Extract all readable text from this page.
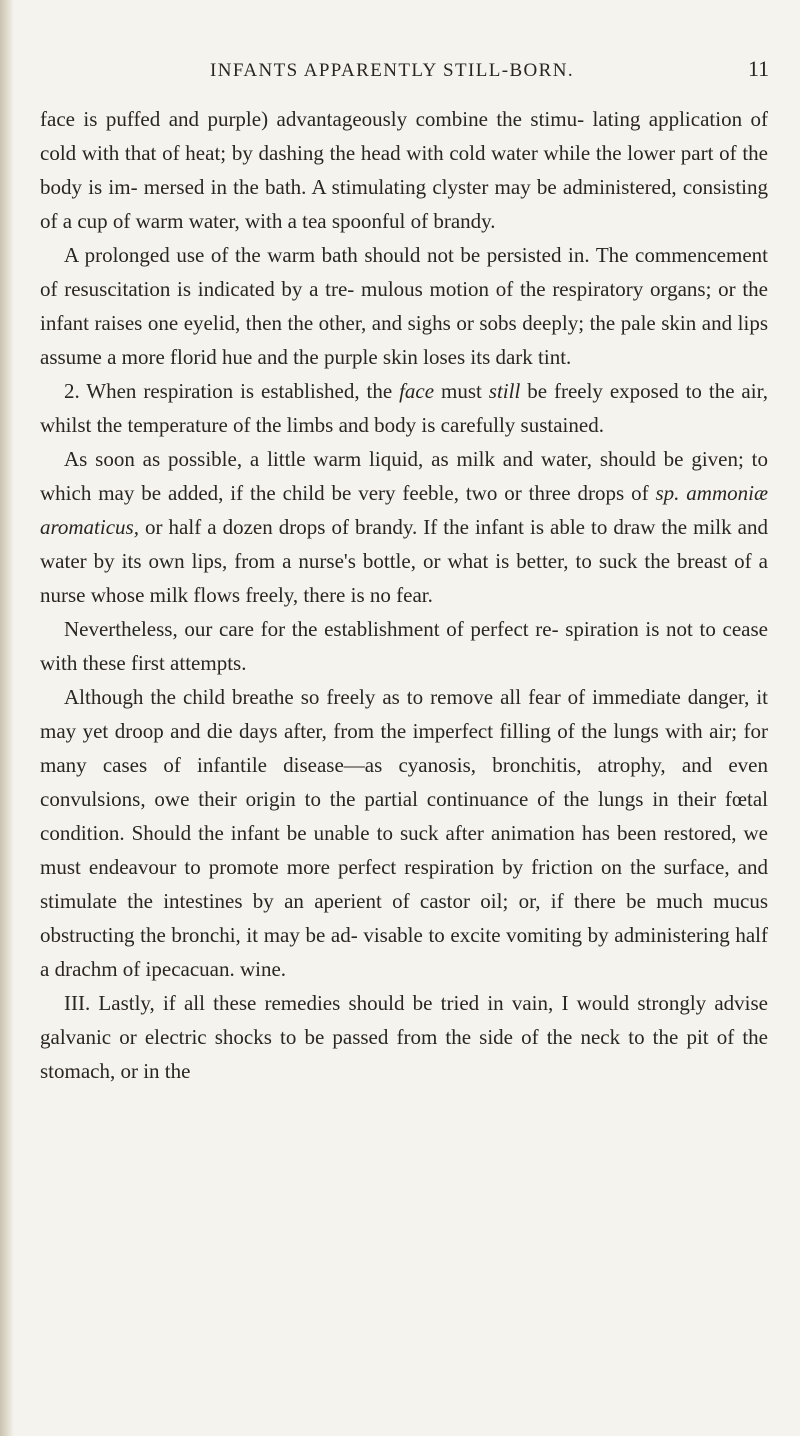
INFANTS APPARENTLY STILL-BORN.	11

face is puffed and purple) advantageously combine the stimu- lating application of cold with that of heat; by dashing the head with cold water while the lower part of the body is im- mersed in the bath. A stimulating clyster may be administered, consisting of a cup of warm water, with a tea spoonful of brandy.

A prolonged use of the warm bath should not be persisted in. The commencement of resuscitation is indicated by a tre- mulous motion of the respiratory organs; or the infant raises one eyelid, then the other, and sighs or sobs deeply; the pale skin and lips assume a more florid hue and the purple skin loses its dark tint.

2. When respiration is established, the face must still be freely exposed to the air, whilst the temperature of the limbs and body is carefully sustained.

As soon as possible, a little warm liquid, as milk and water, should be given; to which may be added, if the child be very feeble, two or three drops of sp. ammoniæ aromaticus, or half a dozen drops of brandy. If the infant is able to draw the milk and water by its own lips, from a nurse's bottle, or what is better, to suck the breast of a nurse whose milk flows freely, there is no fear.

Nevertheless, our care for the establishment of perfect re- spiration is not to cease with these first attempts.

Although the child breathe so freely as to remove all fear of immediate danger, it may yet droop and die days after, from the imperfect filling of the lungs with air; for many cases of infantile disease—as cyanosis, bronchitis, atrophy, and even convulsions, owe their origin to the partial continuance of the lungs in their fœtal condition. Should the infant be unable to suck after animation has been restored, we must endeavour to promote more perfect respiration by friction on the surface, and stimulate the intestines by an aperient of castor oil; or, if there be much mucus obstructing the bronchi, it may be ad- visable to excite vomiting by administering half a drachm of ipecacuan. wine.

III. Lastly, if all these remedies should be tried in vain, I would strongly advise galvanic or electric shocks to be passed from the side of the neck to the pit of the stomach, or in the
